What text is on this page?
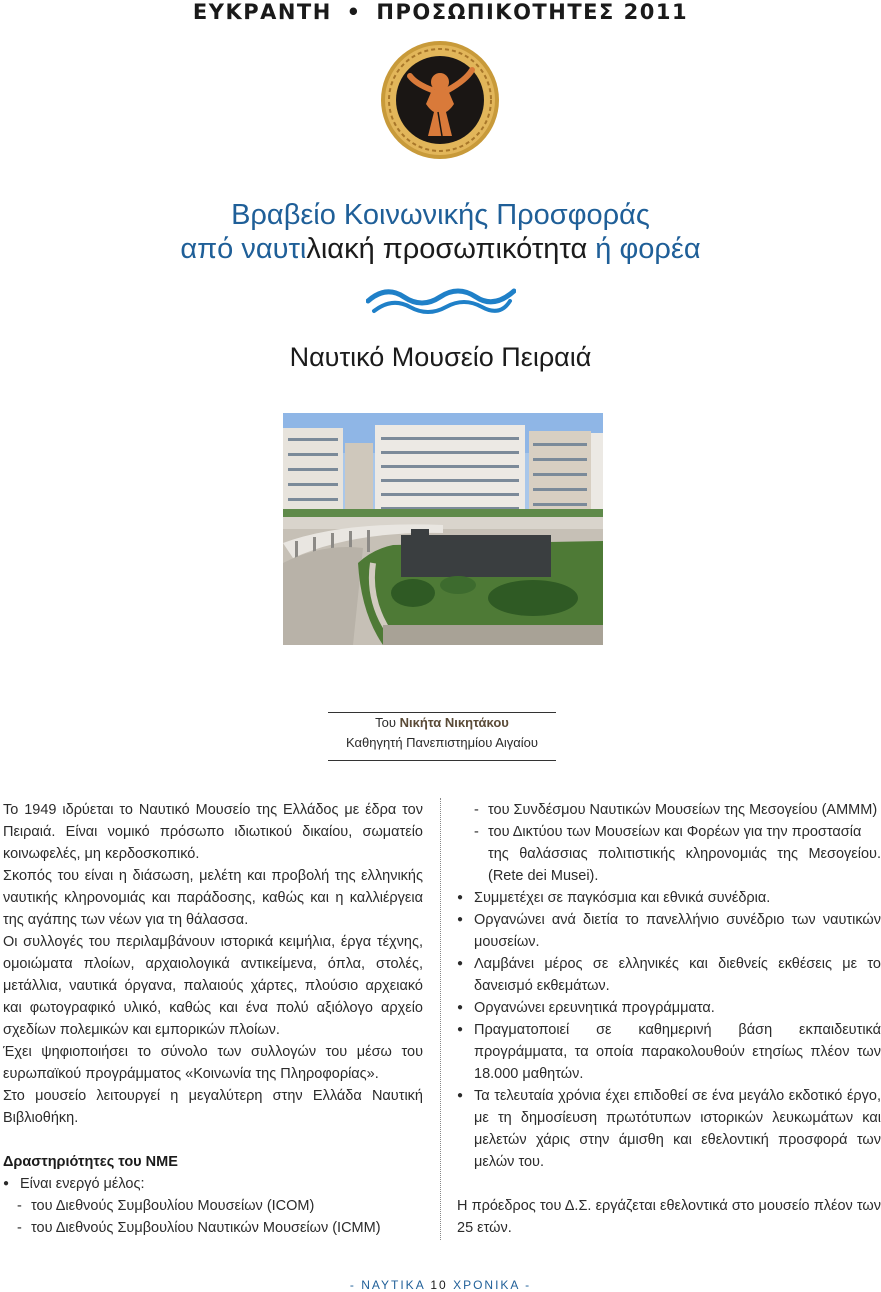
ΕΥΚΡΑΝΤΗ • ΠΡΟΣΩΠΙΚΟΤΗΤΕΣ 2011
Βραβείο Κοινωνικής Προσφοράς
από ναυτιλιακή προσωπικότητα ή φορέα
Ναυτικό Μουσείο Πειραιά
Του Νικήτα Νικητάκου
Καθηγητή Πανεπιστημίου Αιγαίου

Το 1949 ιδρύεται το Ναυτικό Μουσείο της Ελλάδος με έδρα τον Πειραιά. Είναι νομικό πρόσωπο ιδιωτικού δικαίου, σωματείο κοινωφελές, μη κερδοσκοπικό.

Σκοπός του είναι η διάσωση, μελέτη και προβολή της ελληνικής ναυτικής κληρονομιάς και παράδοσης, καθώς και η καλλιέργεια της αγάπης των νέων για τη θάλασσα.

Οι συλλογές του περιλαμβάνουν ιστορικά κειμήλια, έργα τέχνης, ομοιώματα πλοίων, αρχαιολογικά αντικείμενα, όπλα, στολές, μετάλλια, ναυτικά όργανα, παλαιούς χάρτες, πλούσιο αρχειακό και φωτογραφικό υλικό, καθώς και ένα πολύ αξιόλογο αρχείο σχεδίων πολεμικών και εμπορικών πλοίων.

Έχει ψηφιοποιήσει το σύνολο των συλλογών του μέσω του ευρωπαϊκού προγράμματος «Κοινωνία της Πληροφορίας».

Στο μουσείο λειτουργεί η μεγαλύτερη στην Ελλάδα Ναυτική Βιβλιοθήκη.

Δραστηριότητες του ΝΜΕ

● Είναι ενεργό μέλος:

- του Διεθνούς Συμβουλίου Μουσείων (ICOM)

- του Διεθνούς Συμβουλίου Ναυτικών Μουσείων (ICMM)

- του Συνδέσμου Ναυτικών Μουσείων της Μεσογείου (AMMM)

- του Δικτύου των Μουσείων και Φορέων για την προστασία

της θαλάσσιας πολιτιστικής κληρονομιάς της Μεσογείου. (Rete dei Musei).

● Συμμετέχει σε παγκόσμια και εθνικά συνέδρια.

● Οργανώνει ανά διετία το πανελλήνιο συνέδριο των ναυτικών μουσείων.

● Λαμβάνει μέρος σε ελληνικές και διεθνείς εκθέσεις με το δανεισμό εκθεμάτων.

● Οργανώνει ερευνητικά προγράμματα.

● Πραγματοποιεί σε καθημερινή βάση εκπαιδευτικά προγράμματα, τα οποία παρακολουθούν ετησίως πλέον των 18.000 μαθητών.

● Τα τελευταία χρόνια έχει επιδοθεί σε ένα μεγάλο εκδοτικό έργο, με τη δημοσίευση πρωτότυπων ιστορικών λευκωμάτων και μελετών χάρις στην άμισθη και εθελοντική προσφορά των μελών του.

Η πρόεδρος του Δ.Σ. εργάζεται εθελοντικά στο μουσείο πλέον των 25 ετών.

- ΝΑΥΤΙΚΑ 10 ΧΡΟΝΙΚΑ -
